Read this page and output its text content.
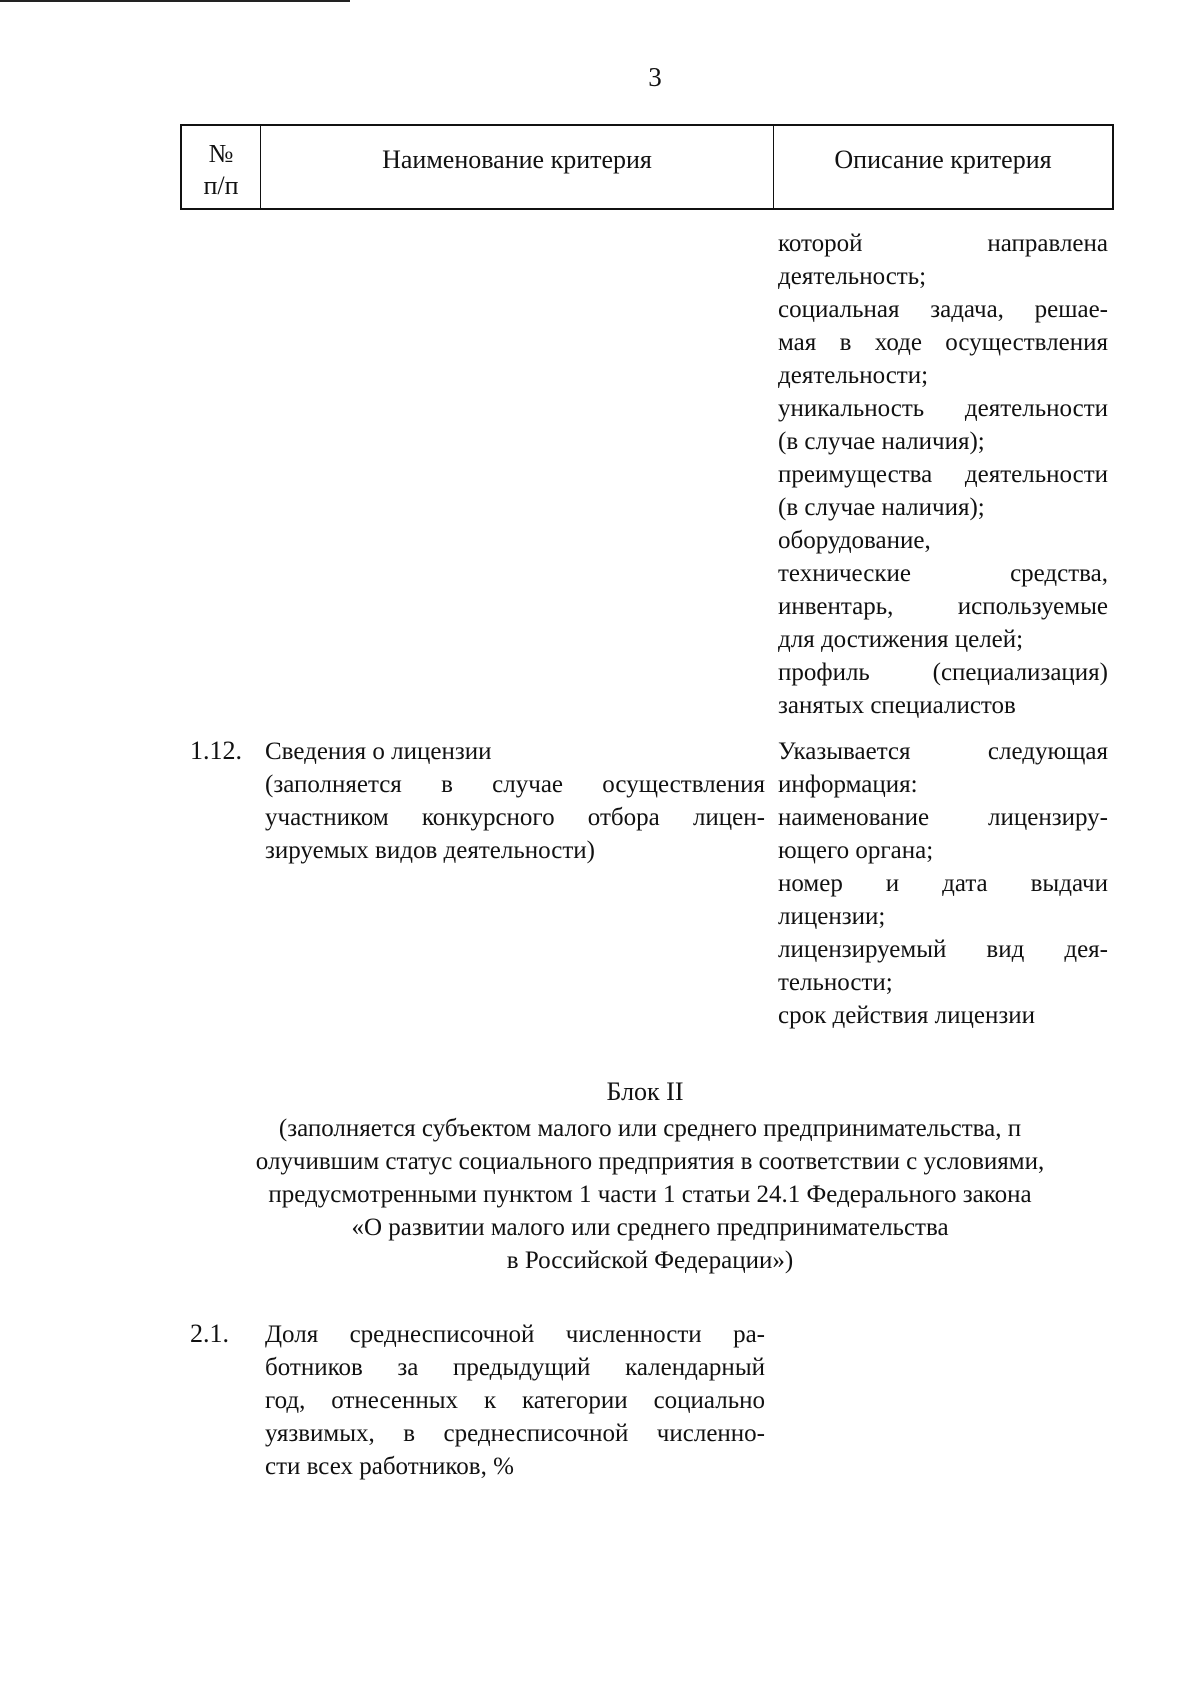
3
№
п/п
Наименование критерия	Описание критерия
которой направлена
деятельность;
социальная задача, решае-
мая в ходе осуществления
деятельности;
уникальность деятельности
(в случае наличия);
преимущества деятельности
(в случае наличия);
оборудование,
технические средства,
инвентарь, используемые
для достижения целей;
профиль (специализация)
занятых специалистов
1.12. Сведения о лицензии
(заполняется в случае осуществления
участником конкурсного отбора лицен-
зируемых видов деятельности)
Указывается следующая
информация:
наименование лицензиру-
ющего органа;
номер и дата выдачи
лицензии;
лицензируемый вид дея-
тельности;
срок действия лицензии
Блок II
(заполняется субъектом малого или среднего предпринимательства, п
олучившим статус социального предприятия в соответствии с условиями,
предусмотренными пунктом 1 части 1 статьи 24.1 Федерального закона
«О развитии малого или среднего предпринимательства
в Российской Федерации»)
2.1. Доля среднесписочной численности ра-
ботников за предыдущий календарный
год, отнесенных к категории социально
уязвимых, в среднесписочной численно-
сти всех работников, %
